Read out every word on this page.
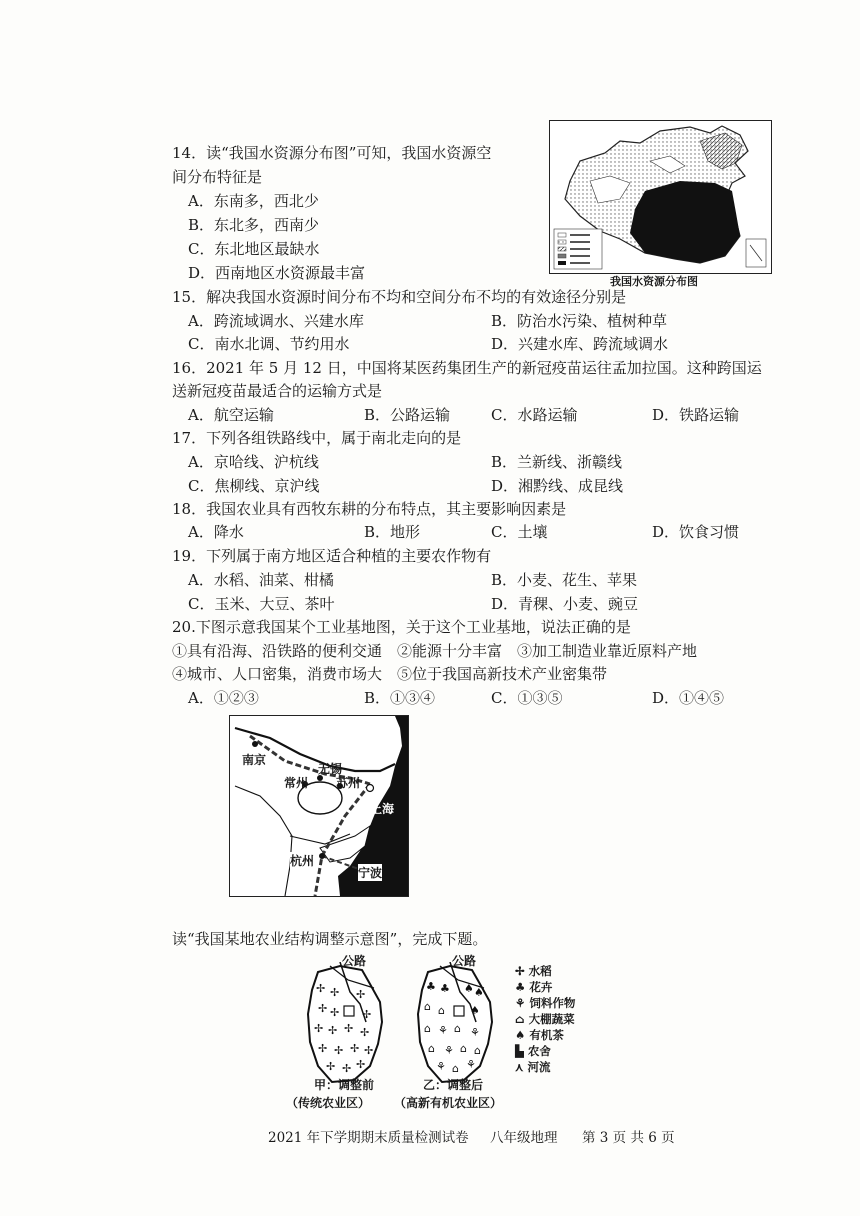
14．读“我国水资源分布图”可知，我国水资源空
间分布特征是
A．东南多，西北少
B．东北多，西南少
C．东北地区最缺水
D．西南地区水资源最丰富	我国水资源分布图
15．解决我国水资源时间分布不均和空间分布不均的有效途径分别是
A．跨流域调水、兴建水库	B．防治水污染、植树种草
C．南水北调、节约用水	D．兴建水库、跨流域调水
16．2021 年 5 月 12 日，中国将某医药集团生产的新冠疫苗运往孟加拉国。这种跨国运
送新冠疫苗最适合的运输方式是
A．航空运输	B．公路运输	C．水路运输	D．铁路运输
17．下列各组铁路线中，属于南北走向的是
A．京哈线、沪杭线	B．兰新线、浙赣线
C．焦柳线、京沪线	D．湘黔线、成昆线
18．我国农业具有西牧东耕的分布特点，其主要影响因素是
A．降水	B．地形	C．土壤	D．饮食习惯
19．下列属于南方地区适合种植的主要农作物有
A．水稻、油菜、柑橘	B．小麦、花生、苹果
C．玉米、大豆、茶叶	D．青稞、小麦、豌豆
20.下图示意我国某个工业基地图，关于这个工业基地，说法正确的是
①具有沿海、沿铁路的便利交通　②能源十分丰富　③加工制造业靠近原料产地
④城市、人口密集，消费市场大　⑤位于我国高新技术产业密集带
A．①②③	B．①③④	C．①③⑤	D．①④⑤
南京
无锡
常州 苏州
上海
杭州
宁波
读“我国某地农业结构调整示意图”，完成下题。
公路	公路
✢ ✢ ✢
✢ ✢ ✢
✢ ✢ ✢ ✢
✢ ✢ ✢ ✢
✢ ✢ ✢
♣ ♣ ♠ ♠
⌂ ⌂ ♠
⌂ ⚘ ⌂ ⚘
⌂ ⚘ ⌂ ⌂
⚘ ⌂ ⚘
✢ 水稻
♣ 花卉
⚘ 饲料作物
⌂ 大棚蔬菜
♠ 有机茶
▙ 农舍
⋏ 河流
甲：调整前
（传统农业区）
乙：调整后
（高新有机农业区）
2021 年下学期期末质量检测试卷 八年级地理 第 3 页 共 6 页
